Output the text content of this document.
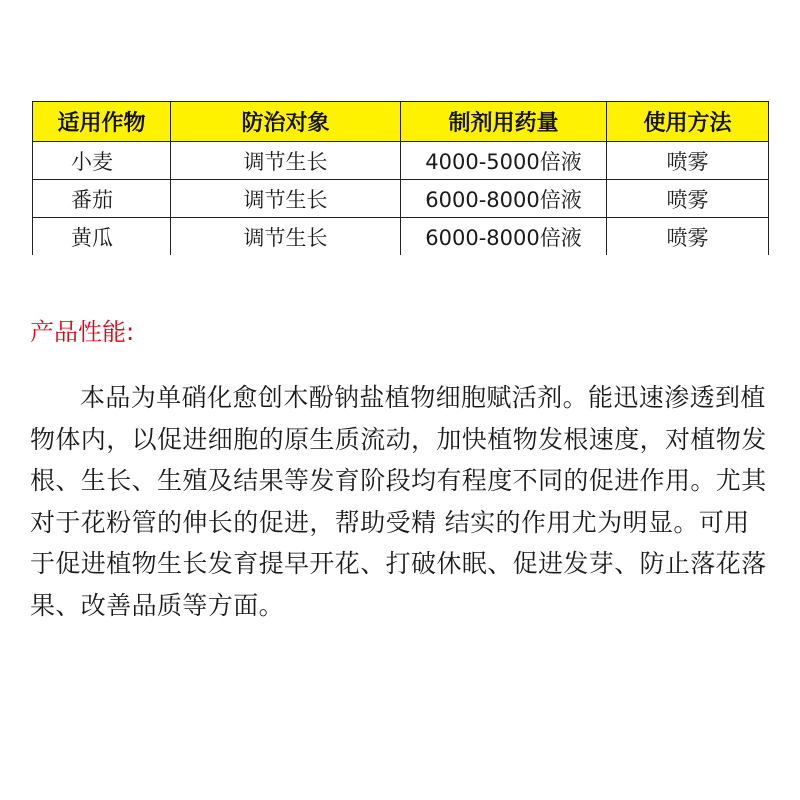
适用作物	防治对象	制剂用药量	使用方法
小麦	调节生长	4000-5000倍液	喷雾
番茄	调节生长	6000-8000倍液	喷雾
黄瓜	调节生长	6000-8000倍液	喷雾
产品性能:

本品为单硝化愈创木酚钠盐植物细胞赋活剂。能迅速渗透到植物体内，以促进细胞的原生质流动，加快植物发根速度，对植物发根、生长、生殖及结果等发育阶段均有程度不同的促进作用。尤其对于花粉管的伸长的促进，帮助受精 结实的作用尤为明显。可用于促进植物生长发育提早开花、打破休眠、促进发芽、防止落花落果、改善品质等方面。
